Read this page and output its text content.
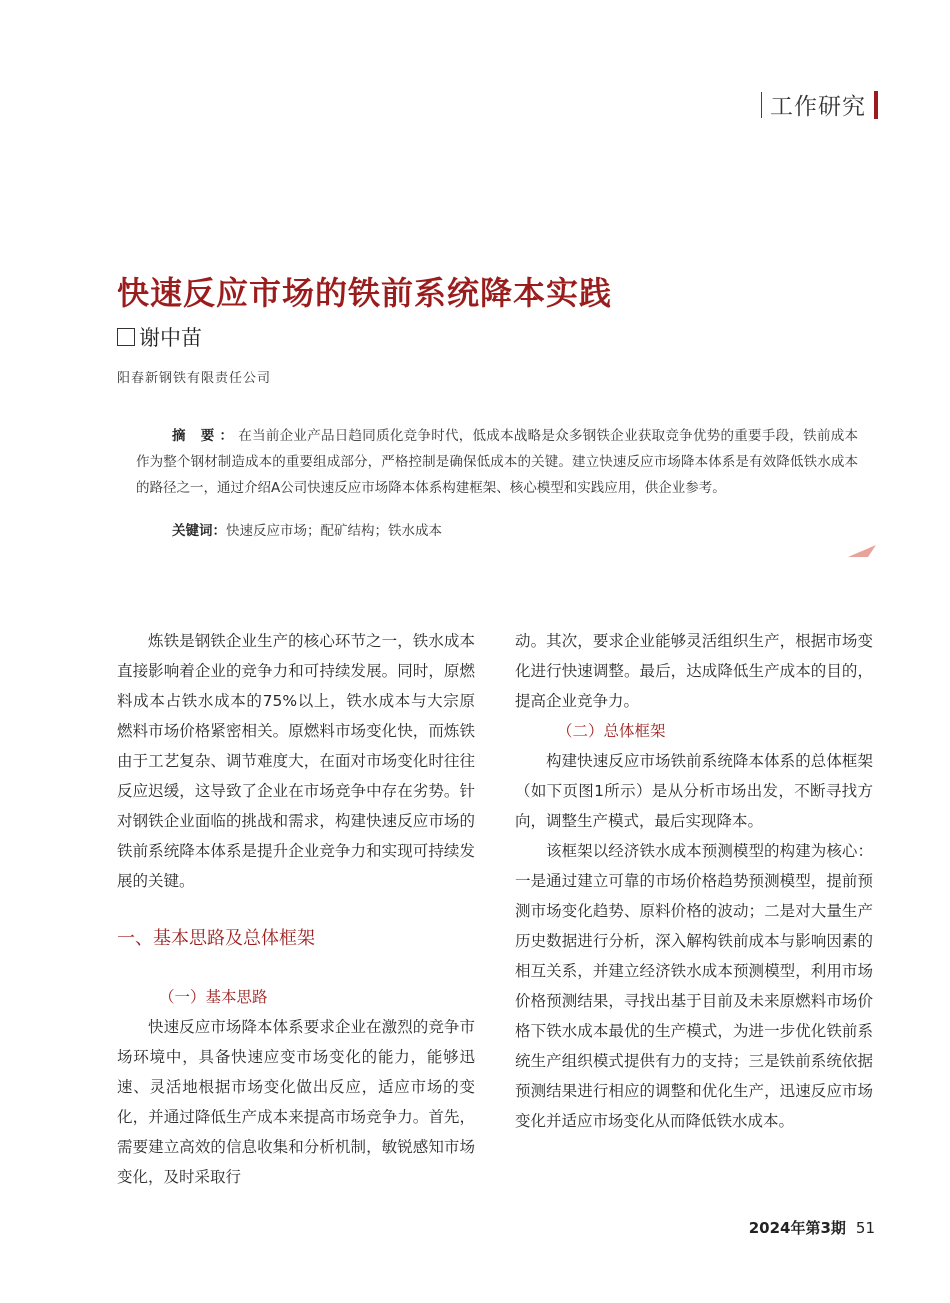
工作研究
快速反应市场的铁前系统降本实践
谢中苗
阳春新钢铁有限责任公司
摘 要：在当前企业产品日趋同质化竞争时代，低成本战略是众多钢铁企业获取竞争优势的重要手段，铁前成本作为整个钢材制造成本的重要组成部分，严格控制是确保低成本的关键。建立快速反应市场降本体系是有效降低铁水成本的路径之一，通过介绍A公司快速反应市场降本体系构建框架、核心模型和实践应用，供企业参考。
关键词：快速反应市场；配矿结构；铁水成本

炼铁是钢铁企业生产的核心环节之一，铁水成本直接影响着企业的竞争力和可持续发展。同时，原燃料成本占铁水成本的75%以上，铁水成本与大宗原燃料市场价格紧密相关。原燃料市场变化快，而炼铁由于工艺复杂、调节难度大，在面对市场变化时往往反应迟缓，这导致了企业在市场竞争中存在劣势。针对钢铁企业面临的挑战和需求，构建快速反应市场的铁前系统降本体系是提升企业竞争力和实现可持续发展的关键。

一、基本思路及总体框架

（一）基本思路

快速反应市场降本体系要求企业在激烈的竞争市场环境中，具备快速应变市场变化的能力，能够迅速、灵活地根据市场变化做出反应，适应市场的变化，并通过降低生产成本来提高市场竞争力。首先，需要建立高效的信息收集和分析机制，敏锐感知市场变化，及时采取行

动。其次，要求企业能够灵活组织生产，根据市场变化进行快速调整。最后，达成降低生产成本的目的，提高企业竞争力。

（二）总体框架

构建快速反应市场铁前系统降本体系的总体框架（如下页图1所示）是从分析市场出发，不断寻找方向，调整生产模式，最后实现降本。

该框架以经济铁水成本预测模型的构建为核心：一是通过建立可靠的市场价格趋势预测模型，提前预测市场变化趋势、原料价格的波动；二是对大量生产历史数据进行分析，深入解构铁前成本与影响因素的相互关系，并建立经济铁水成本预测模型，利用市场价格预测结果，寻找出基于目前及未来原燃料市场价格下铁水成本最优的生产模式，为进一步优化铁前系统生产组织模式提供有力的支持；三是铁前系统依据预测结果进行相应的调整和优化生产，迅速反应市场变化并适应市场变化从而降低铁水成本。

2024年第3期 51
